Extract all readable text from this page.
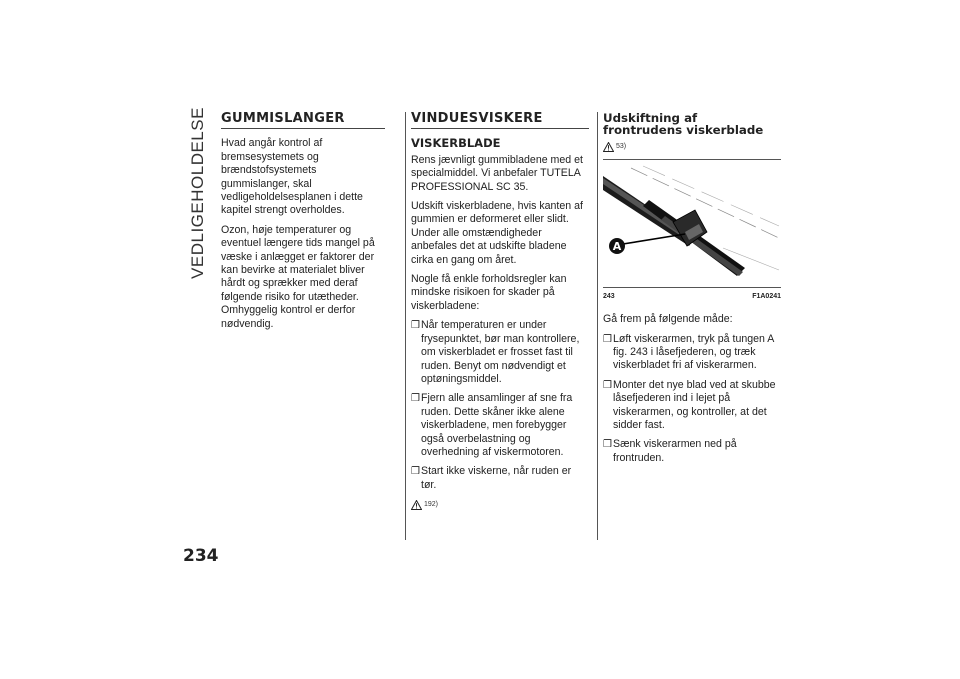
VEDLIGEHOLDELSE GUMMISLANGER

Hvad angår kontrol af bremsesystemets og brændstofsystemets gummislanger, skal vedligeholdelsesplanen i dette kapitel strengt overholdes.

Ozon, høje temperaturer og eventuel længere tids mangel på væske i anlægget er faktorer der kan bevirke at materialet bliver hårdt og sprækker med deraf følgende risiko for utætheder. Omhyggelig kontrol er derfor nødvendig.

VINDUESVISKERE
VISKERBLADE

Rens jævnligt gummibladene med et specialmiddel. Vi anbefaler TUTELA PROFESSIONAL SC 35.

Udskift viskerbladene, hvis kanten af gummien er deformeret eller slidt. Under alle omstændigheder anbefales det at udskifte bladene cirka en gang om året.

Nogle få enkle forholdsregler kan mindske risikoen for skader på viskerbladene:

❒ Når temperaturen er under frysepunktet, bør man kontrollere, om viskerbladet er frosset fast til ruden. Benyt om nødvendigt et optøningsmiddel.
❒ Fjern alle ansamlinger af sne fra ruden. Dette skåner ikke alene viskerbladene, men forebygger også overbelastning og overhedning af viskermotoren.
❒ Start ikke viskerne, når ruden er tør.
192)
Udskiftning af
frontrudens viskerblade
53)
A
243	F1A0241

Gå frem på følgende måde:

❒ Løft viskerarmen, tryk på tungen A fig. 243 i låsefjederen, og træk viskerbladet fri af viskerarmen.
❒ Monter det nye blad ved at skubbe låsefjederen ind i lejet på viskerarmen, og kontroller, at det sidder fast.
❒ Sænk viskerarmen ned på frontruden.
234
